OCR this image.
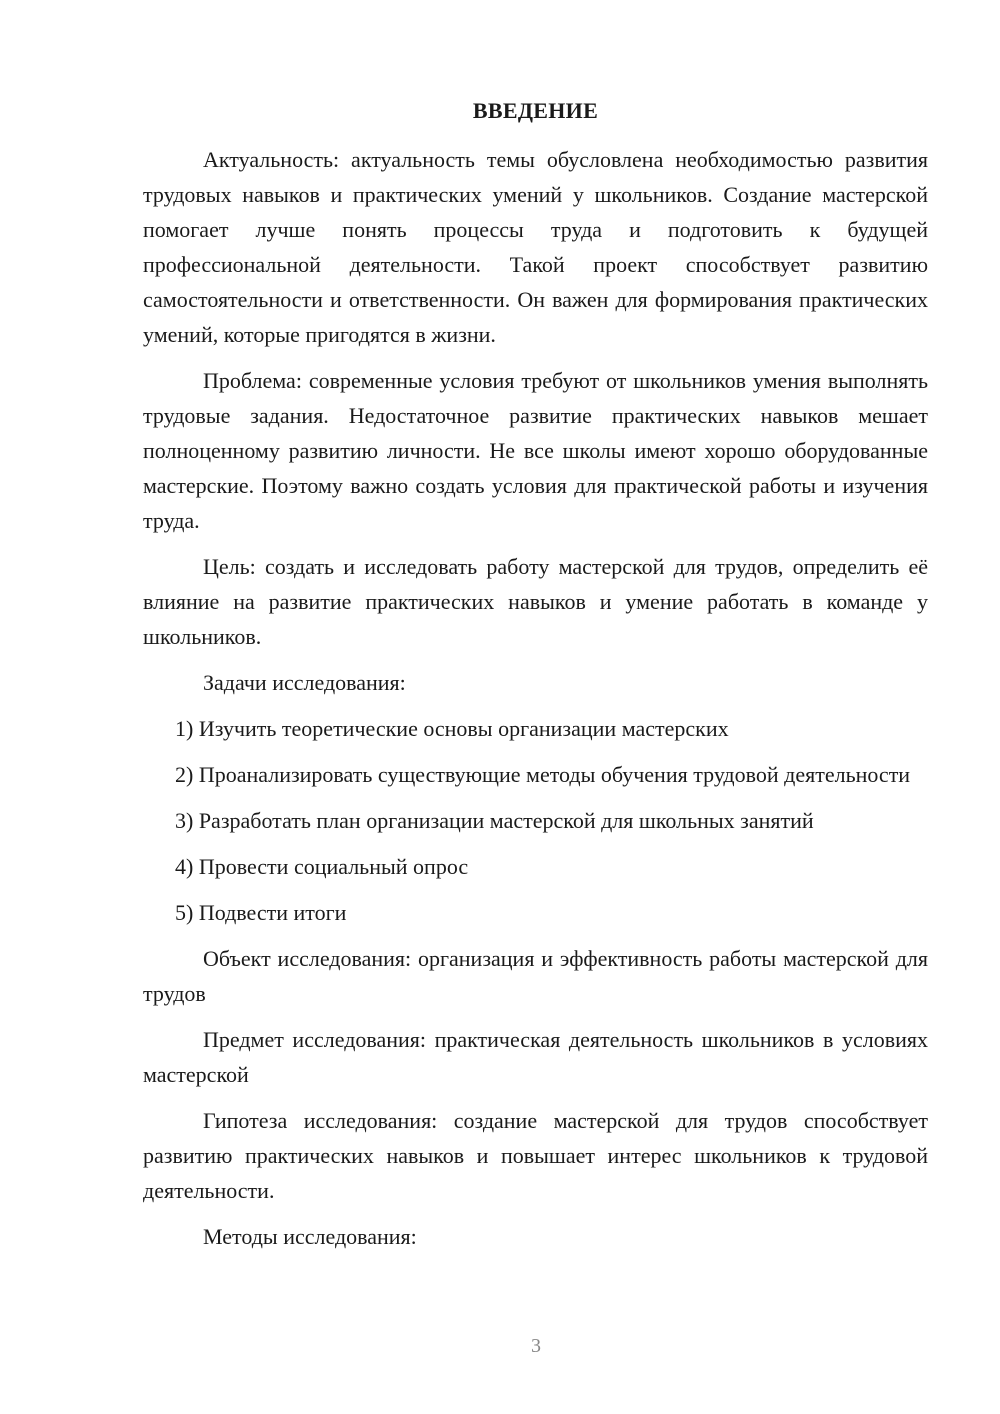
ВВЕДЕНИЕ

Актуальность: актуальность темы обусловлена необходимостью развития трудовых навыков и практических умений у школьников. Создание мастерской помогает лучше понять процессы труда и подготовить к будущей профессиональной деятельности. Такой проект способствует развитию самостоятельности и ответственности. Он важен для формирования практических умений, которые пригодятся в жизни.

Проблема: современные условия требуют от школьников умения выполнять трудовые задания. Недостаточное развитие практических навыков мешает полноценному развитию личности. Не все школы имеют хорошо оборудованные мастерские. Поэтому важно создать условия для практической работы и изучения труда.

Цель: создать и исследовать работу мастерской для трудов, определить её влияние на развитие практических навыков и умение работать в команде у школьников.

Задачи исследования:

1) Изучить теоретические основы организации мастерских

2) Проанализировать существующие методы обучения трудовой деятельности

3) Разработать план организации мастерской для школьных занятий

4) Провести социальный опрос

5) Подвести итоги

Объект исследования: организация и эффективность работы мастерской для трудов

Предмет исследования: практическая деятельность школьников в условиях мастерской

Гипотеза исследования: создание мастерской для трудов способствует развитию практических навыков и повышает интерес школьников к трудовой деятельности.

Методы исследования:

3
